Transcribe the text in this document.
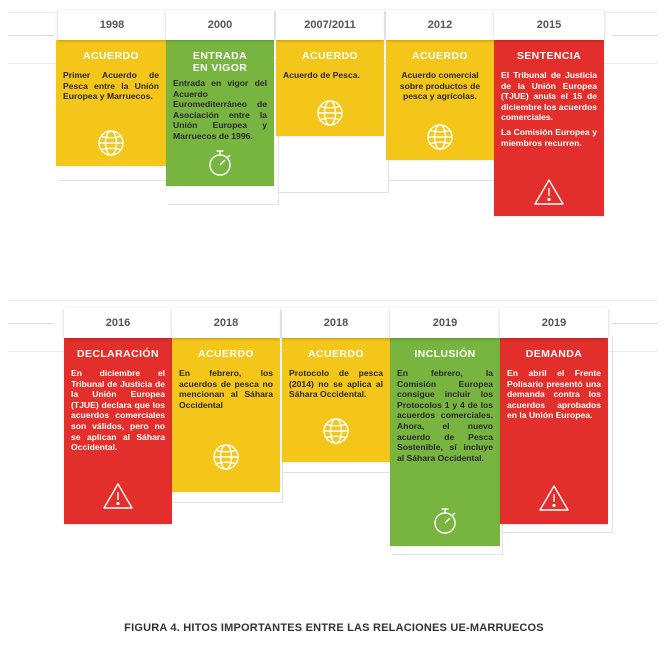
1998
ACUERDO
Primer Acuerdo de Pesca entre la Unión Europea y Marruecos.
2000
ENTRADA EN VIGOR
Entrada en vigor del Acuerdo Euromediterráneo de Asociación entre la Unión Europea y Marruecos de 1996.
2007/2011
ACUERDO
Acuerdo de Pesca.
2012
ACUERDO
Acuerdo comercial sobre productos de pesca y agrícolas.
2015
SENTENCIA
El Tribunal de Justicia de la Unión Europea (TJUE) anula el 15 de diciembre los acuerdos comerciales.
La Comisión Europea y miembros recurren.
2016
DECLARACIÓN
En diciembre el Tribunal de Justicia de la Unión Europea (TJUE) declara que los acuerdos comerciales son válidos, pero no se aplican al Sáhara Occidental.
2018
ACUERDO
En febrero, los acuerdos de pesca no mencionan al Sáhara Occidental
2018
ACUERDO
Protocolo de pesca (2014) no se aplica al Sáhara Occidental.
2019
INCLUSIÓN
En febrero, la Comisión Europea consigue incluir los Protocolos 1 y 4 de los acuerdos comerciales. Ahora, el nuevo acuerdo de Pesca Sostenible, sí incluye al Sáhara Occidental.
2019
DEMANDA
En abril el Frente Polisario presentó una demanda contra los acuerdos aprobados en la Unión Europea.
FIGURA 4. HITOS IMPORTANTES ENTRE LAS RELACIONES UE-MARRUECOS
